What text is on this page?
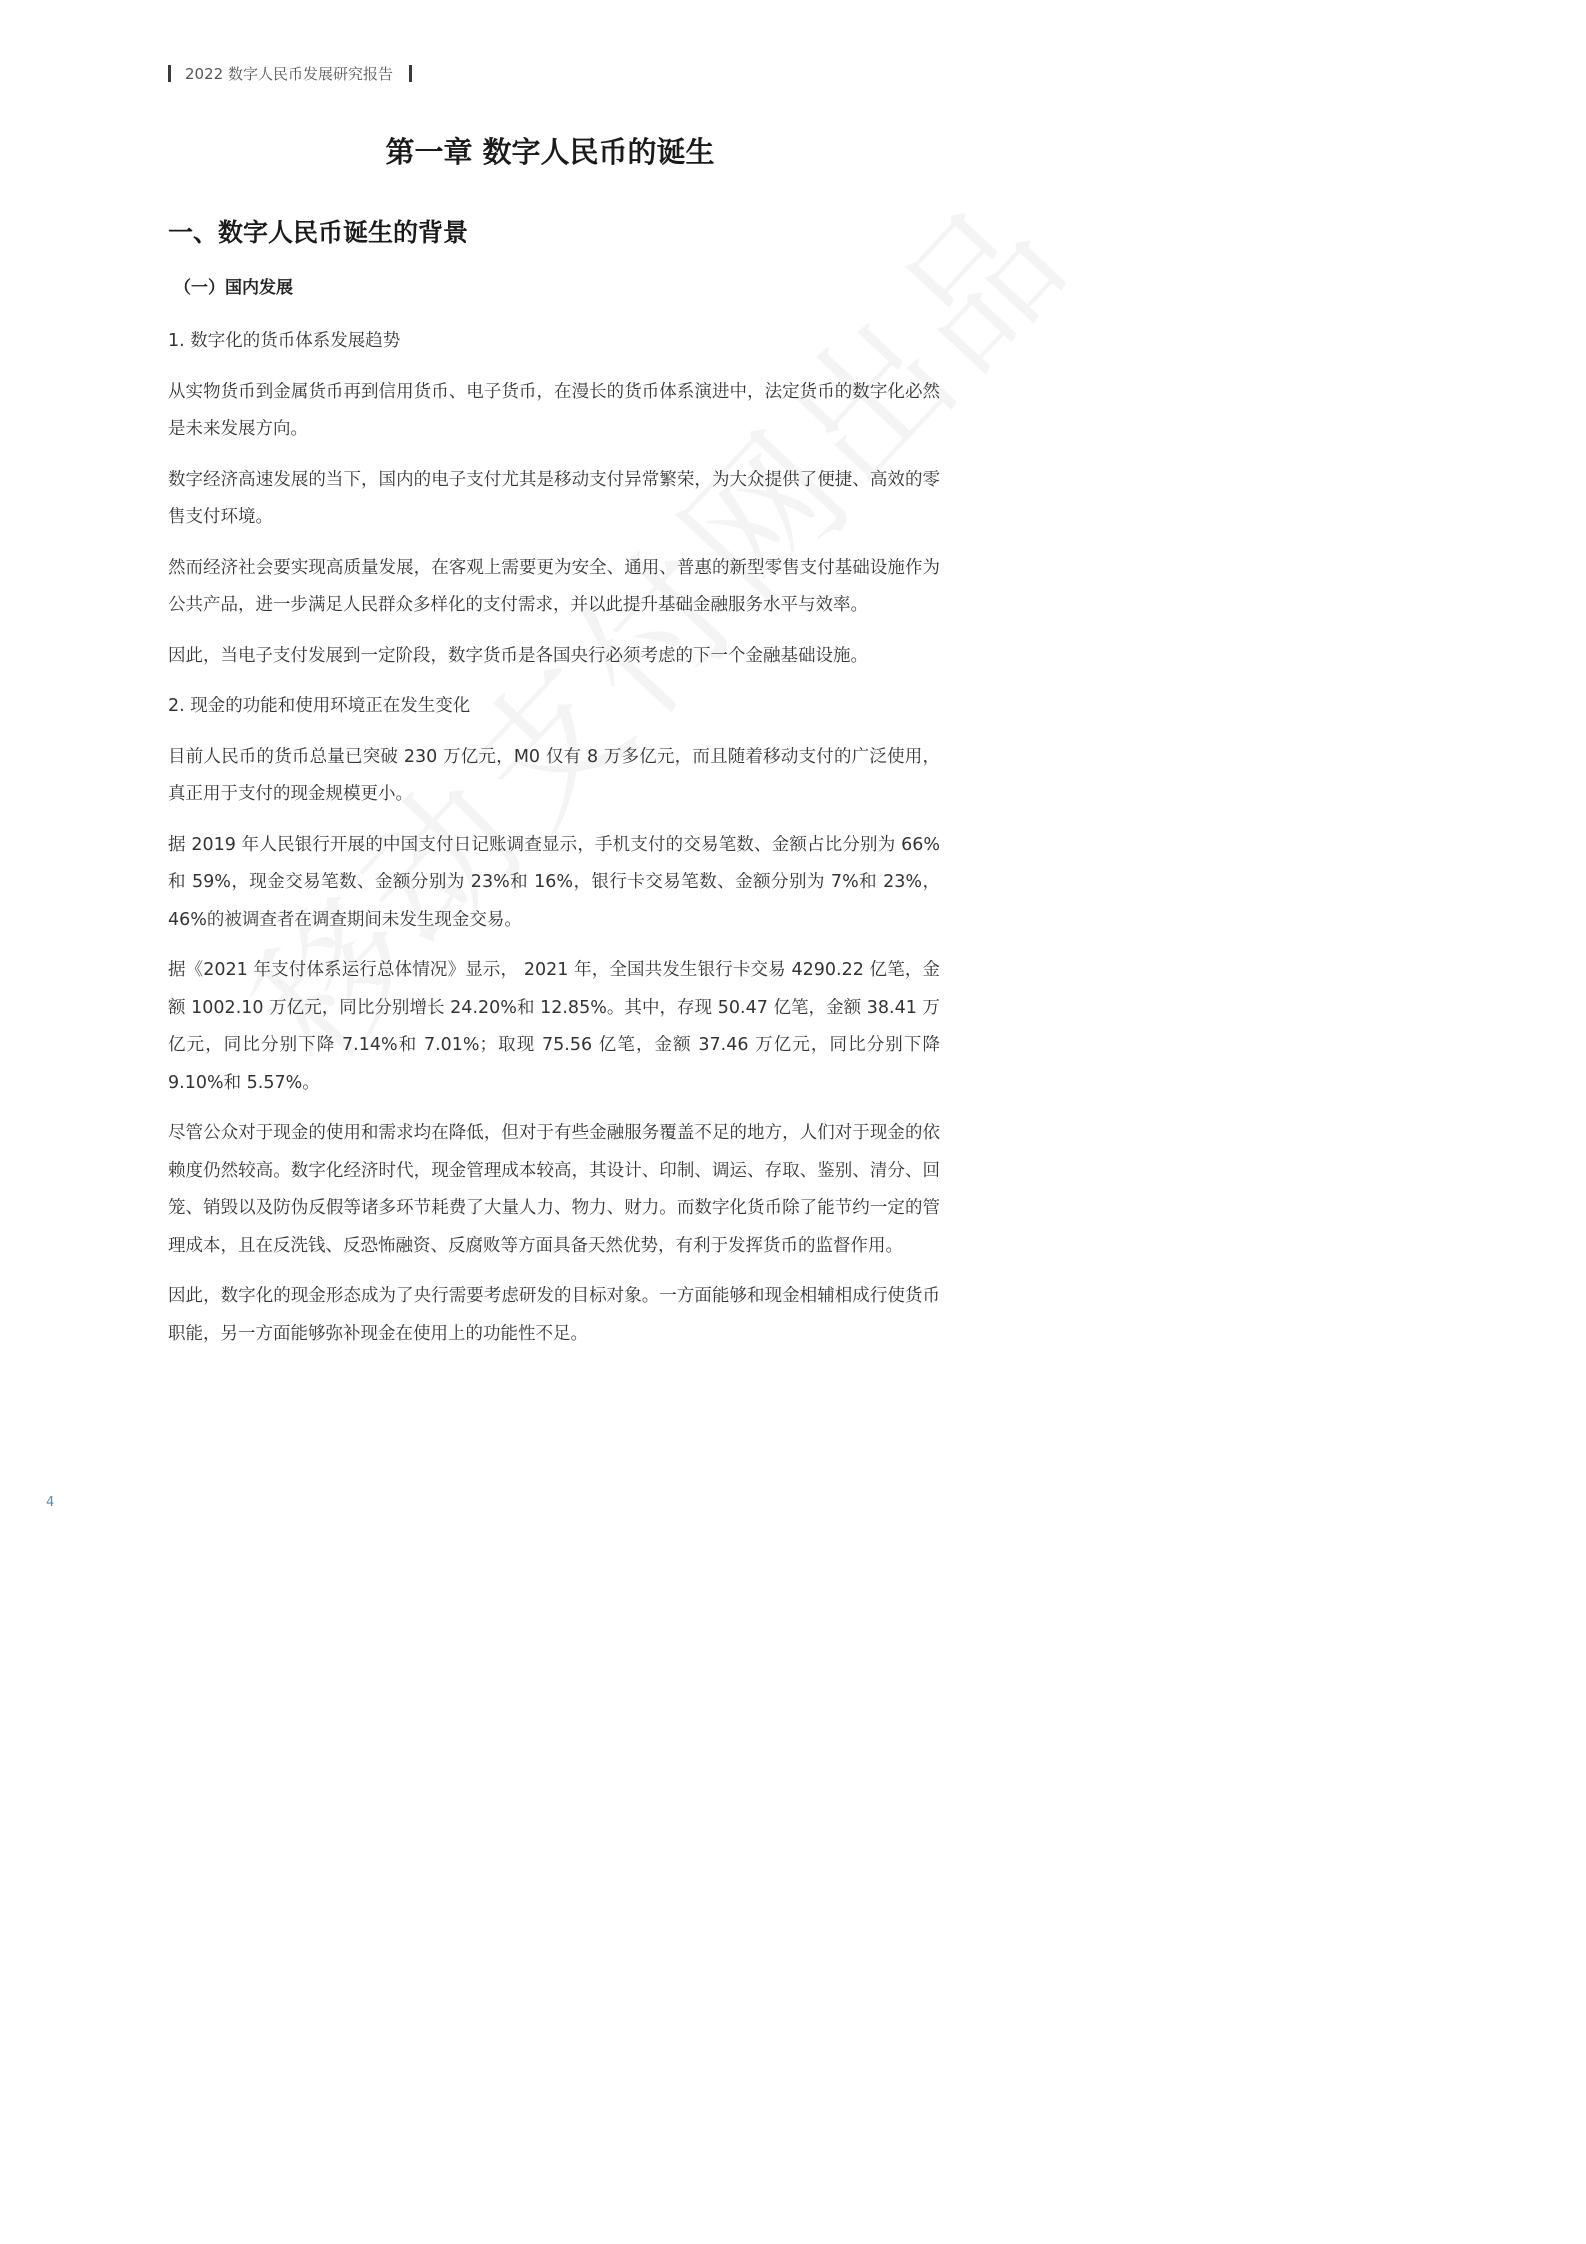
2022 数字人民币发展研究报告
第一章 数字人民币的诞生
一、数字人民币诞生的背景
（一）国内发展

1. 数字化的货币体系发展趋势

从实物货币到金属货币再到信用货币、电子货币，在漫长的货币体系演进中，法定货币的数字化必然是未来发展方向。

数字经济高速发展的当下，国内的电子支付尤其是移动支付异常繁荣，为大众提供了便捷、高效的零售支付环境。

然而经济社会要实现高质量发展，在客观上需要更为安全、通用、普惠的新型零售支付基础设施作为公共产品，进一步满足人民群众多样化的支付需求，并以此提升基础金融服务水平与效率。

因此，当电子支付发展到一定阶段，数字货币是各国央行必须考虑的下一个金融基础设施。

2. 现金的功能和使用环境正在发生变化

目前人民币的货币总量已突破 230 万亿元，M0 仅有 8 万多亿元，而且随着移动支付的广泛使用，真正用于支付的现金规模更小。

据 2019 年人民银行开展的中国支付日记账调查显示，手机支付的交易笔数、金额占比分别为 66%和 59%，现金交易笔数、金额分别为 23%和 16%，银行卡交易笔数、金额分别为 7%和 23%，46%的被调查者在调查期间未发生现金交易。

据《2021 年支付体系运行总体情况》显示， 2021 年，全国共发生银行卡交易 4290.22 亿笔，金额 1002.10 万亿元，同比分别增长 24.20%和 12.85%。其中，存现 50.47 亿笔，金额 38.41 万亿元，同比分别下降 7.14%和 7.01%；取现 75.56 亿笔，金额 37.46 万亿元，同比分别下降 9.10%和 5.57%。

尽管公众对于现金的使用和需求均在降低，但对于有些金融服务覆盖不足的地方，人们对于现金的依赖度仍然较高。数字化经济时代，现金管理成本较高，其设计、印制、调运、存取、鉴别、清分、回笼、销毁以及防伪反假等诸多环节耗费了大量人力、物力、财力。而数字化货币除了能节约一定的管理成本，且在反洗钱、反恐怖融资、反腐败等方面具备天然优势，有利于发挥货币的监督作用。

因此，数字化的现金形态成为了央行需要考虑研发的目标对象。一方面能够和现金相辅相成行使货币职能，另一方面能够弥补现金在使用上的功能性不足。

4
